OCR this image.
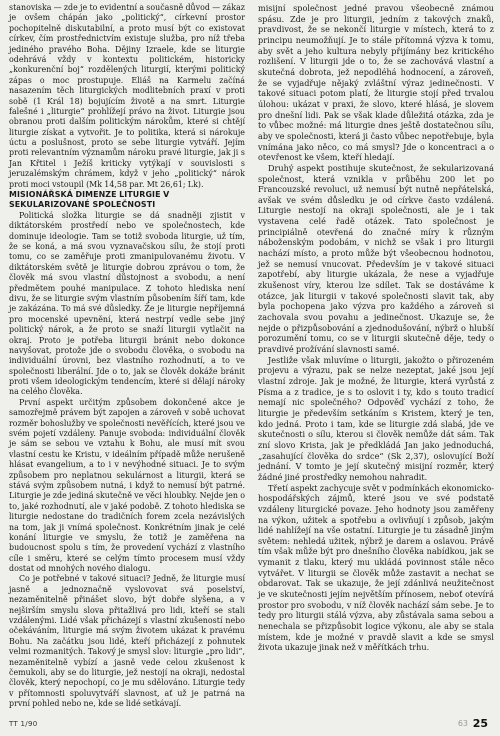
stanoviska — zde je to evidentní a současně důvod — zákaz je ovšem chápán jako „politický“, církevní prostor pochopitelně diskutabilní, a proto musí být co existovat církev, čím prostřednictvím existuje služba, pro níž třeba jediného pravého Boha. Dějiny Izraele, kde se liturgie odehrává vždy v kontextu politickém, historicky „konkurenční boj“ rozdělených liturgií, kterými politický zápas o moc prostupuje. Eliáš na Karmelu začíná nasazením těch liturgických modlitebních praxí v proti sobě (1 Král 18) bojujícím životě a na smrt. Liturgie falešné i „liturgie“ prohlížejí právo na život. Liturgie jsou obranou proti dalším politickým nárokům, které si chtějí liturgie získat a vytvořit. Je to politika, která si nárokuje úctu a poslušnost, proto se sebe liturgie vytváří. Jejím proti relevantním významům nároku pravé liturgie, jak ji s Jan Křtitel i Ježíš kriticky vytýkají v souvislosti s jeruzalémským chrámem, když v jeho „politický“ nárok proti moci vstoupil (Mk 14,58 par. Mt 26,61; Lk).

MISIONÁŘSKÁ DIMENZE LITURGIE V SEKULARIZOVANÉ SPOLEČNOSTI

Politická složka liturgie se dá snadněji zjistit v diktátorském prostředí nebo ve společnostech, kde dominuje ideologie. Tam se totiž svoboda liturgie, už tím, že se koná, a má svou vyznavačskou sílu, že stojí proti tomu, co se zaměřuje proti zmanipulovanému životu. V diktátorském světě je liturgie dobrou zprávou o tom, že člověk má svou vlastní důstojnost a svobodu, a není předmětem pouhé manipulace. Z tohoto hlediska není divu, že se liturgie svým vlastním působením šíří tam, kde je zakázána. To má své důsledky. Že je liturgie nepříjemná pro mocenské upevnění, která nestrpí vedle sebe jiný politický nárok, a že proto se snaží liturgii vytlačit na okraj. Proto je potřeba liturgii bránit nebo dokonce navyšovat, protože jde o svobodu člověka, o svobodu na individuální úrovni, bez vlastního rozhodnutí, a to ve společnosti liberální. Jde o to, jak se člověk dokáže bránit proti všem ideologickým tendencím, které si dělají nároky na celého člověka.

První aspekt určitým způsobem dokončené akce je samozřejmě právem být zapojen a zároveň v sobě uchovat rozměr bohoslužby ve společnosti nevěřících, které jsou ve svém pojetí vzdáleny. Panuje svoboda: individuální člověk je sám se sebou ve vztahu k Bohu, ale musí mít svou vlastní cestu ke Kristu, v ideálním případě může nerušeně hlásat evangelium, a to i v nevýhodné situaci. Je to svým způsobem pro neplatnou sekulárnost a liturgii, která se stává svým způsobem nutná, i když to nemusí být patrné. Liturgie je zde jediná skutečně ve věci hloubky. Nejde jen o to, jaké rozhodnutí, ale v jaké podobě. Z tohoto hlediska se liturgie nedostane do tradičních forem zcela nezávislých na tom, jak ji vnímá společnost. Konkrétním jinak je celé konání liturgie ve smyslu, že totiž je zaměřena na budoucnost spolu s tím, že provedení vychází z vlastního cíle i směru, které se celým tímto procesem musí vždy dostat od mnohých nového dialogu.

Co je potřebné v takové situaci? Jedně, že liturgie musí jasně a jednoznačně vyslovovat svá poselství, nezaměnitelně přinášet slovo, být dobře slyšena, a v nejširším smyslu slova přitažlivá pro lidi, kteří se stali vzdálenými. Lidé však přicházejí s vlastní zkušeností nebo očekáváním, liturgie má svým životem ukázat k pravému Bohu. Na začátku jsou lidé, kteří přicházejí z pohnutek velmi rozmanitých. Takový je smysl slov: liturgie „pro lidi“, nezaměnitelně vybízí a jasně vede celou zkušenost k čemukoli, aby se do liturgie, jež nestojí na okraji, nedostal člověk, který nepochopí, co je mu sdělováno. Liturgie tedy v přítomnosti spoluvytváří slavnost, ať už je patrná na první pohled nebo ne, kde se lidé setkávají.

misijní společnost jedné pravou všeobecně známou spásu. Zde je pro liturgii, jedním z takových znaků, pravdivost, že se nekončí liturgie v místech, která to z principu neumožňují. Je to stále přítomná výzva k tomu, aby svět a jeho kultura nebyly přijímány bez kritického rozlišení. V liturgii jde o to, že se zachovává vlastní a skutečná dobrota, jež nepodléhá hodnocení, a zároveň, že se vyjadřuje nějaký zvláštní výraz jedinečnosti. V takové situaci potom platí, že liturgie stojí před trvalou úlohou: ukázat v praxi, že slovo, které hlásá, je slovem pro dnešní lidi. Pak se však klade důležitá otázka, zda je to vůbec možné: má liturgie dnes ještě dostatečnou sílu, aby ve společnosti, která ji často vůbec nepotřebuje, byla vnímána jako něco, co má smysl? Jde o koncentraci a o otevřenost ke všem, kteří hledají.

Druhý aspekt postihuje skutečnost, že sekularizovaná společnost, která vznikla v průběhu 200 let po Francouzské revoluci, už nemusí být nutně nepřátelská, avšak ve svém důsledku je od církve často vzdálená. Liturgie nestojí na okraji společnosti, ale je i tak vystavena celé řadě otázek. Tato společnost je principiálně otevřená do značné míry k různým náboženským podobám, v nichž se však i pro liturgii nachází místo, a proto může být všeobecnou hodnotou, jež se nemusí vnucovat. Především je v takové situaci zapotřebí, aby liturgie ukázala, že nese a vyjadřuje zkušenost víry, kterou lze sdílet. Tak se dostáváme k otázce, jak liturgii v takové společnosti slavit tak, aby byla pochopena jako výzva pro každého a zároveň si zachovala svou povahu a jedinečnost. Ukazuje se, že nejde o přizpůsobování a zjednodušování, nýbrž o hlubší porozumění tomu, co se v liturgii skutečně děje, tedy o pravdivé prožívání slavnosti samé.

Jestliže však mluvíme o liturgii, jakožto o přirozeném projevu a výrazu, pak se nelze nezeptat, jaké jsou její vlastní zdroje. Jak je možné, že liturgie, která vyrůstá z Písma a z tradice, je s to oslovit i ty, kdo s touto tradicí nemají nic společného? Odpověď vychází z toho, že liturgie je především setkáním s Kristem, který je ten, kdo jedná. Proto i tam, kde se liturgie zdá slabá, jde ve skutečnosti o sílu, kterou si člověk nemůže dát sám. Tak zní slovo Krista, jak je předkládá Jan jako jednoduchá, „zasahující člověka do srdce“ (Sk 2,37), oslovující Boží jednání. V tomto je její skutečný misijní rozměr, který žádné jiné prostředky nemohou nahradit.

Třetí aspekt zachycuje svět v podmínkách ekonomicko-hospodářských zájmů, které jsou ve své podstatě vzdáleny liturgické povaze. Jeho hodnoty jsou zaměřeny na výkon, užitek a spotřebu a ovlivňují i způsob, jakým lidé nahlížejí na vše ostatní. Liturgie je tu zásadně jiným světem: nehledá užitek, nýbrž je darem a oslavou. Právě tím však může být pro dnešního člověka nabídkou, jak se vymanit z tlaku, který mu ukládá povinnost stále něco vytvářet. V liturgii se člověk může zastavit a nechat se obdarovat. Tak se ukazuje, že její zdánlivá neužitečnost je ve skutečnosti jejím největším přínosem, neboť otevírá prostor pro svobodu, v níž člověk nachází sám sebe. Je to tedy pro liturgii stálá výzva, aby zůstávala sama sebou a nenechala se přizpůsobit logice výkonu, ale aby se stala místem, kde je možné v pravdě slavit a kde se smysl života ukazuje jinak než v měřítkách trhu.

TT 1/90	63 25
